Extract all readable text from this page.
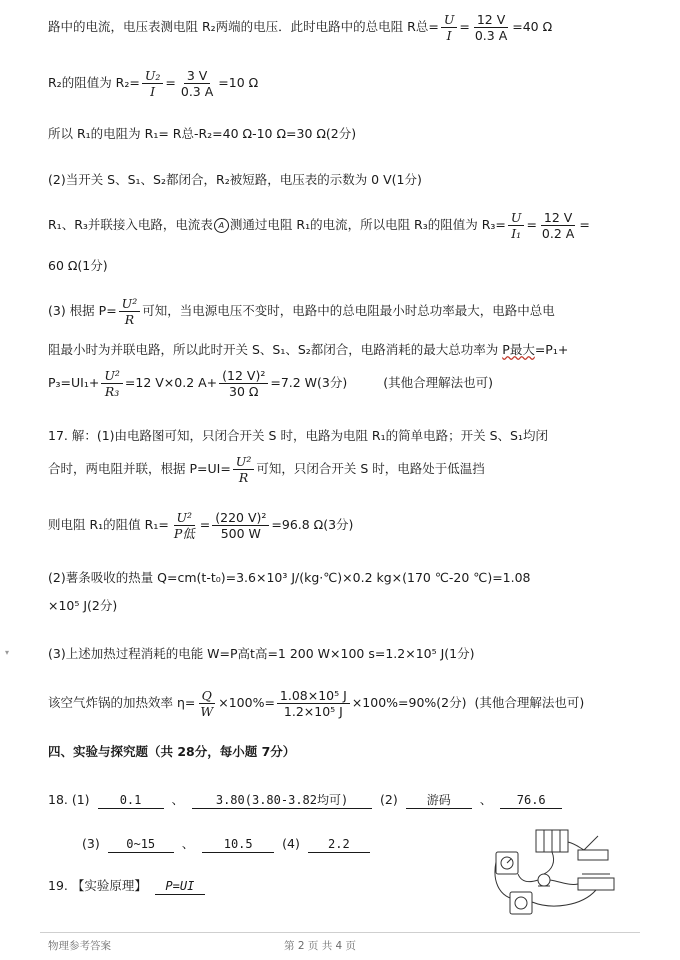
路中的电流，电压表测电阻 R₂两端的电压．此时电路中的总电阻 R总= $\frac{U}{I} = \frac{12 V}{0.3 A} =40$ Ω
R₂的阻值为 $R_2= \frac{\text{U₂}}{I} = \frac{3 V}{0.3 A} =10$ Ω
所以 R₁的电阻为 R₁= R总-R₂=40 Ω-10 Ω=30 Ω(2分)
(2)当开关 S、S₁、S₂都闭合，R₂被短路，电压表的示数为 0 V(1分)
R₁、R₃并联接入电路，电流表 A 测通过电阻 R₁的电流，所以电阻 R₃的阻值为 $R_3= \frac{U}{\text{I₁}} = \frac{12 V}{0.2 A}$ =
60 Ω(1分)
(3) 根据 $P= \frac{\text{U²}}{R}$ 可知，当电源电压不变时，电路中的总电阻最小时总功率最大，电路中总电
阻最小时为并联电路，所以此时开关 S、S₁、S₂都闭合，电路消耗的最大总功率为 P最大=P₁+
$P_3=UI_1+ \frac{\text{U²}}{\text{R₃}} =12$ V×0.2 $A+ \frac{\text{(12 V)²}}{30 \Omega} =7.2$ W(3分)	(其他合理解法也可)
17. 解：(1)由电路图可知，只闭合开关 S 时，电路为电阻 R₁的简单电路；开关 S、S₁均闭
合时，两电阻并联，根据 $P=UI= \frac{\text{U²}}{R}$ 可知，只闭合开关 S 时，电路处于低温挡
则电阻 R₁的阻值 $R_1= \frac{\text{U²}}{\text{P低}} = \frac{\text{(220 V)²}}{500 W} =96.8$ Ω(3分)
(2)薯条吸收的热量 Q=cm(t-t₀)=3.6×10³ J/(kg·℃)×0.2 kg×(170 ℃-20 ℃)=1.08
×10⁵ J(2分)
(3)上述加热过程消耗的电能 W=P高t高=1 200 W×100 s=1.2×10⁵ J(1分)
该空气炸锅的加热效率 $\eta= \frac{Q}{W} \times 100\%= \frac{\text{1.08×10⁵ J}}{\text{1.2×10⁵ J}} \times 100\%=90\%(2$分) (其他合理解法也可)
四、实验与探究题（共 28分，每小题 7分）
18. (1)	0.1 、	3.80(3.80-3.82均可)	(2) 游码 、 76.6
(3) 0~15 、 10.5 (4) 2.2
19. 【实验原理】 P=UI
▾
物理参考答案	第 2 页 共 4 页
